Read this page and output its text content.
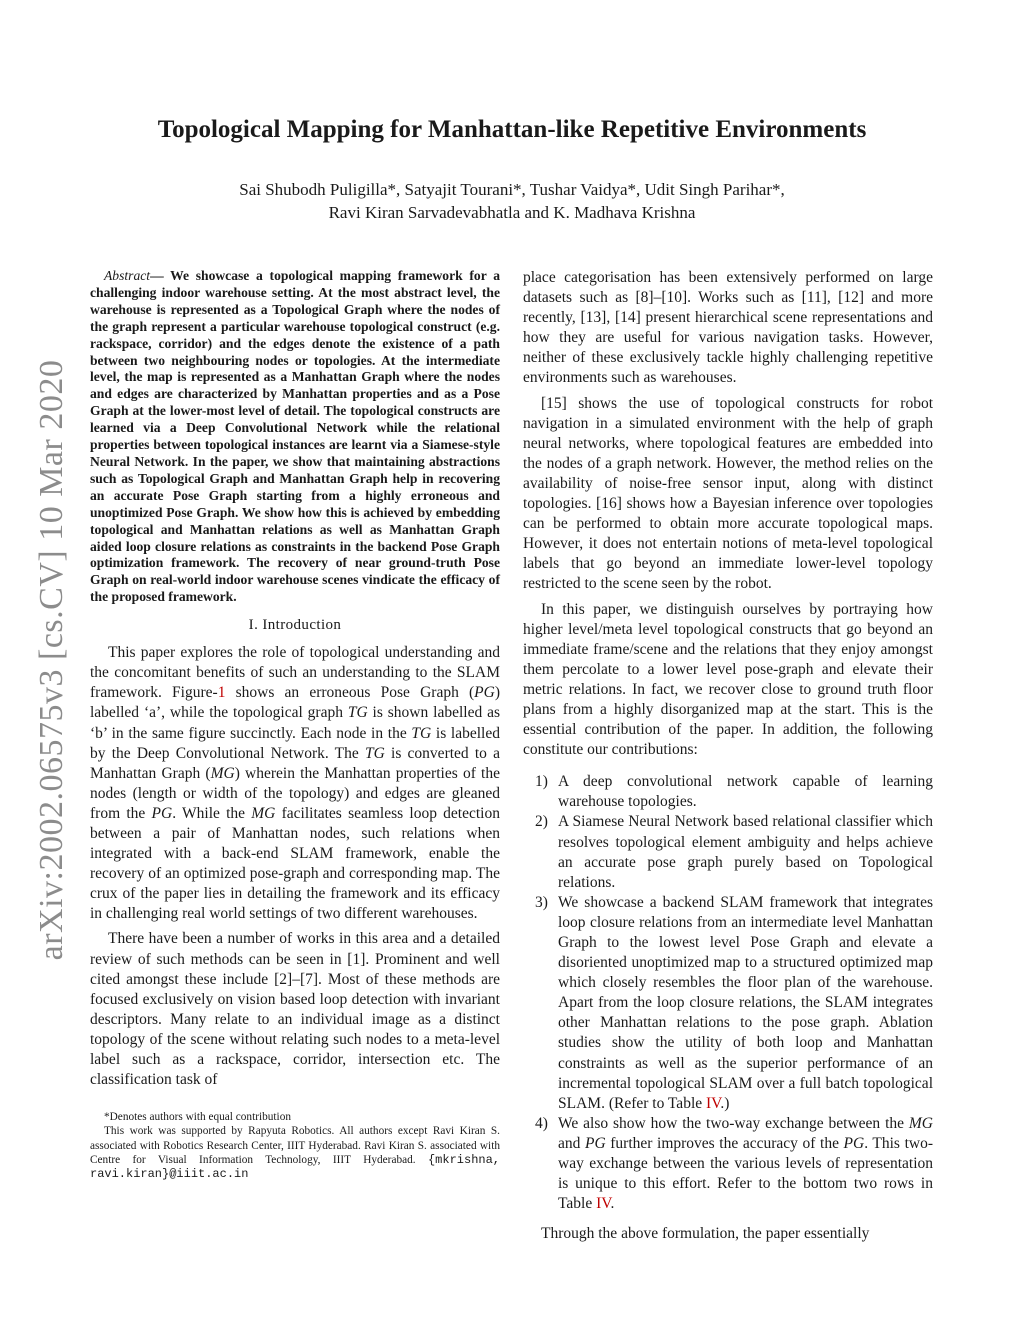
arXiv:2002.06575v3 [cs.CV] 10 Mar 2020
Topological Mapping for Manhattan-like Repetitive Environments
Sai Shubodh Puligilla*, Satyajit Tourani*, Tushar Vaidya*, Udit Singh Parihar*,
Ravi Kiran Sarvadevabhatla and K. Madhava Krishna

Abstract— We showcase a topological mapping framework for a challenging indoor warehouse setting. At the most abstract level, the warehouse is represented as a Topological Graph where the nodes of the graph represent a particular warehouse topological construct (e.g. rackspace, corridor) and the edges denote the existence of a path between two neighbouring nodes or topologies. At the intermediate level, the map is represented as a Manhattan Graph where the nodes and edges are characterized by Manhattan properties and as a Pose Graph at the lower-most level of detail. The topological constructs are learned via a Deep Convolutional Network while the relational properties between topological instances are learnt via a Siamese-style Neural Network. In the paper, we show that maintaining abstractions such as Topological Graph and Manhattan Graph help in recovering an accurate Pose Graph starting from a highly erroneous and unoptimized Pose Graph. We show how this is achieved by embedding topological and Manhattan relations as well as Manhattan Graph aided loop closure relations as constraints in the backend Pose Graph optimization framework. The recovery of near ground-truth Pose Graph on real-world indoor warehouse scenes vindicate the efficacy of the proposed framework.

I. Introduction

This paper explores the role of topological understanding and the concomitant benefits of such an understanding to the SLAM framework. Figure-1 shows an erroneous Pose Graph (PG) labelled ‘a’, while the topological graph TG is shown labelled as ‘b’ in the same figure succinctly. Each node in the TG is labelled by the Deep Convolutional Network. The TG is converted to a Manhattan Graph (MG) wherein the Manhattan properties of the nodes (length or width of the topology) and edges are gleaned from the PG. While the MG facilitates seamless loop detection between a pair of Manhattan nodes, such relations when integrated with a back-end SLAM framework, enable the recovery of an optimized pose-graph and corresponding map. The crux of the paper lies in detailing the framework and its efficacy in challenging real world settings of two different warehouses.

There have been a number of works in this area and a detailed review of such methods can be seen in [1]. Prominent and well cited amongst these include [2]–[7]. Most of these methods are focused exclusively on vision based loop detection with invariant descriptors. Many relate to an individual image as a distinct topology of the scene without relating such nodes to a meta-level label such as a rackspace, corridor, intersection etc. The classification task of

*Denotes authors with equal contribution

This work was supported by Rapyuta Robotics. All authors except Ravi Kiran S. associated with Robotics Research Center, IIIT Hyderabad. Ravi Kiran S. associated with Centre for Visual Information Technology, IIIT Hyderabad. {mkrishna, ravi.kiran}@iiit.ac.in

place categorisation has been extensively performed on large datasets such as [8]–[10]. Works such as [11], [12] and more recently, [13], [14] present hierarchical scene representations and how they are useful for various navigation tasks. However, neither of these exclusively tackle highly challenging repetitive environments such as warehouses.

[15] shows the use of topological constructs for robot navigation in a simulated environment with the help of graph neural networks, where topological features are embedded into the nodes of a graph network. However, the method relies on the availability of noise-free sensor input, along with distinct topologies. [16] shows how a Bayesian inference over topologies can be performed to obtain more accurate topological maps. However, it does not entertain notions of meta-level topological labels that go beyond an immediate lower-level topology restricted to the scene seen by the robot.

In this paper, we distinguish ourselves by portraying how higher level/meta level topological constructs that go beyond an immediate frame/scene and the relations that they enjoy amongst them percolate to a lower level pose-graph and elevate their metric relations. In fact, we recover close to ground truth floor plans from a highly disorganized map at the start. This is the essential contribution of the paper. In addition, the following constitute our contributions:

1) A deep convolutional network capable of learning warehouse topologies.
2) A Siamese Neural Network based relational classifier which resolves topological element ambiguity and helps achieve an accurate pose graph purely based on Topological relations.
3) We showcase a backend SLAM framework that integrates loop closure relations from an intermediate level Manhattan Graph to the lowest level Pose Graph and elevate a disoriented unoptimized map to a structured optimized map which closely resembles the floor plan of the warehouse. Apart from the loop closure relations, the SLAM integrates other Manhattan relations to the pose graph. Ablation studies show the utility of both loop and Manhattan constraints as well as the superior performance of an incremental topological SLAM over a full batch topological SLAM. (Refer to Table IV.)
4) We also show how the two-way exchange between the MG and PG further improves the accuracy of the PG. This two-way exchange between the various levels of representation is unique to this effort. Refer to the bottom two rows in Table IV.

Through the above formulation, the paper essentially
